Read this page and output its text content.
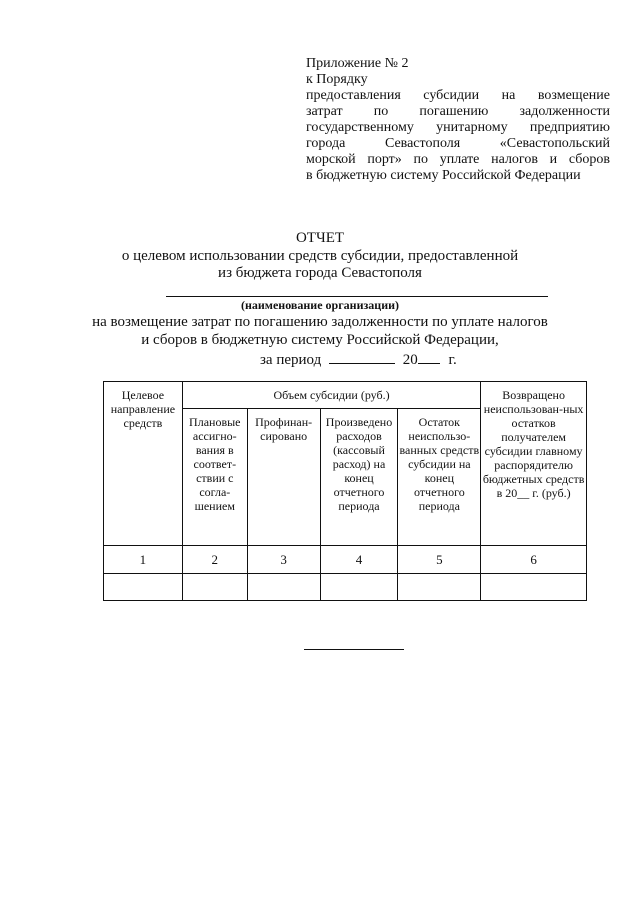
Приложение № 2
к Порядку
предоставления субсидии на возмещение
затрат по погашению задолженности
государственному унитарному предприятию
города Севастополя «Севастопольский
морской порт» по уплате налогов и сборов
в бюджетную систему Российской Федерации
ОТЧЕТ
о целевом использовании средств субсидии, предоставленной
из бюджета города Севастополя
(наименование организации)
на возмещение затрат по погашению задолженности по уплате налогов
и сборов в бюджетную систему Российской Федерации,
за период	20 г.
Целевое направление средств	Объем субсидии (руб.)				Возвращено неиспользован-ных остатков получателем субсидии главному распорядителю бюджетных средств в 20__ г. (руб.)
	Плановые ассигно-вания в соответ-ствии с согла-шением	Профинан-сировано	Произведено расходов (кассовый расход) на конец отчетного периода	Остаток неиспользо-ванных средств субсидии на конец отчетного периода	
1	2	3	4	5	6
